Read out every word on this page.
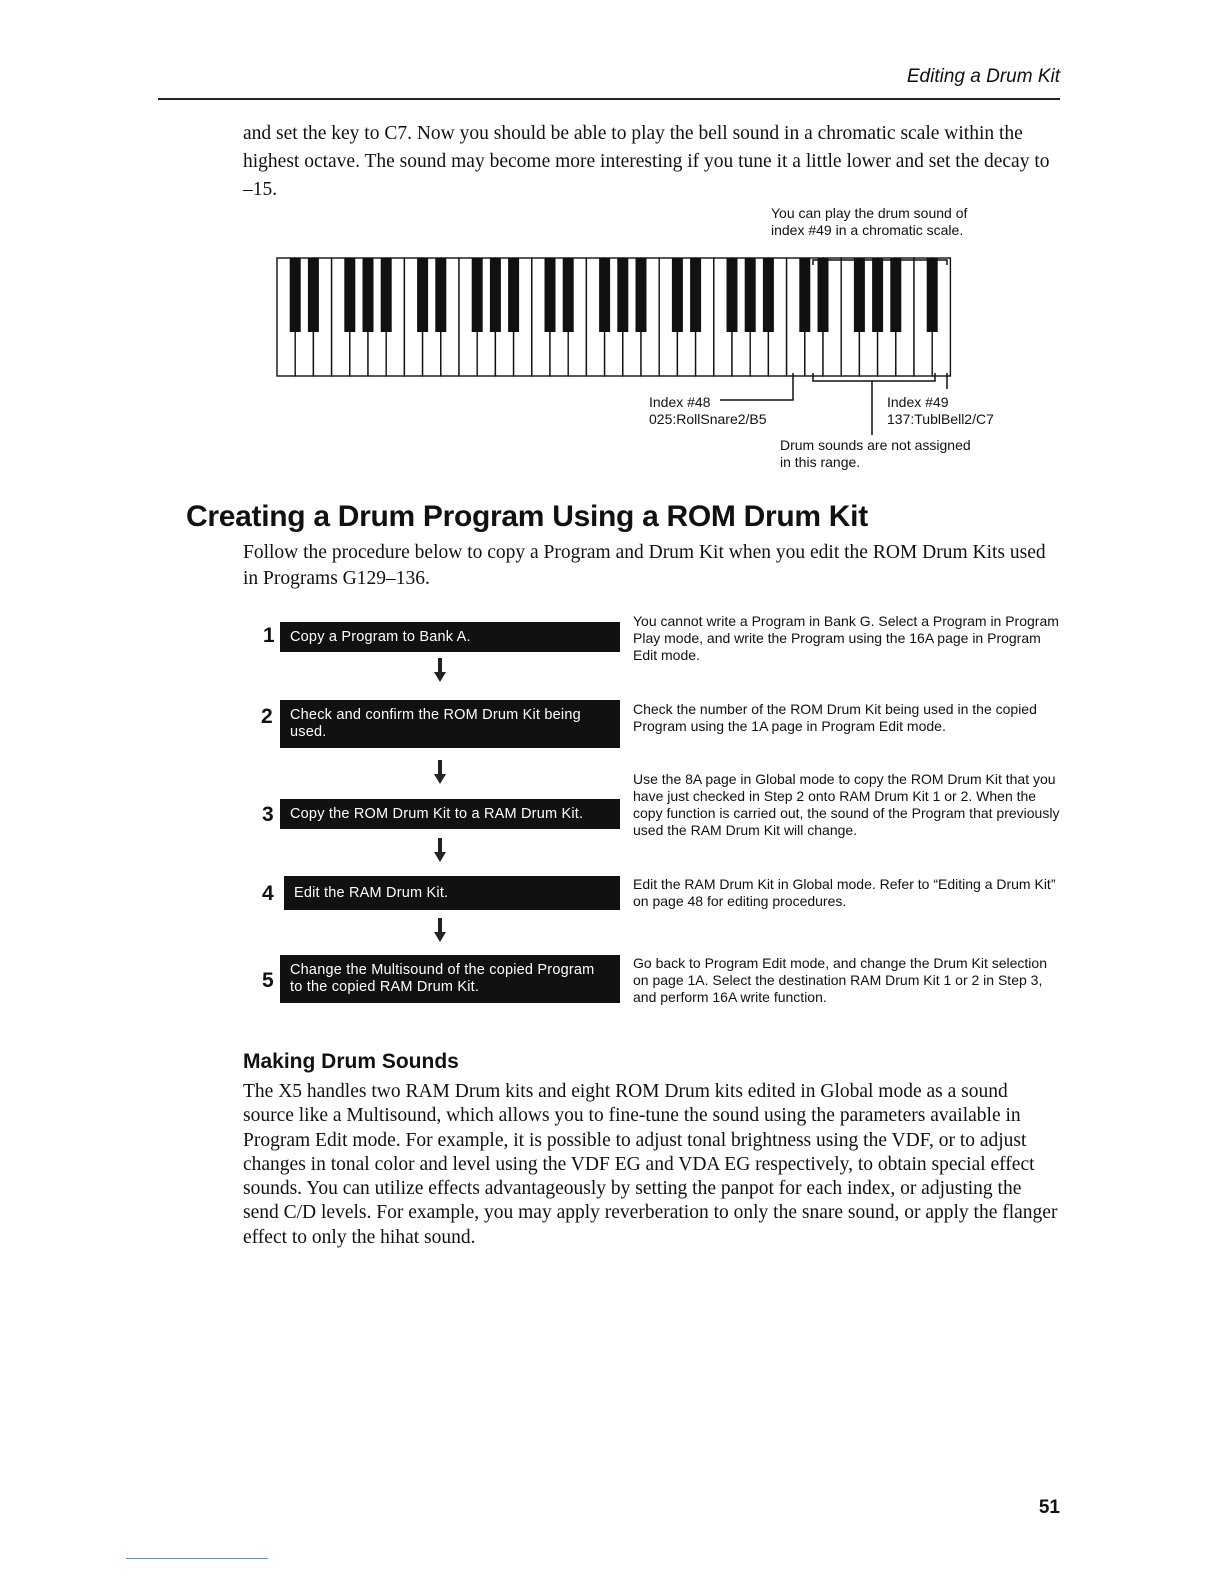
Editing a Drum Kit

and set the key to C7. Now you should be able to play the bell sound in a chromatic scale within the highest octave. The sound may become more interesting if you tune it a little lower and set the decay to –15.

You can play the drum sound of

index #49 in a chromatic scale.

Index #48

025:RollSnare2/B5

Index #49

137:TublBell2/C7

Drum sounds are not assigned

in this range.

Creating a Drum Program Using a ROM Drum Kit

Follow the procedure below to copy a Program and Drum Kit when you edit the ROM Drum Kits used in Programs G129–136.

1	Copy a Program to Bank A.

You cannot write a Program in Bank G. Select a Program in Program Play mode, and write the Program using the 16A page in Program Edit mode.

2	Check and confirm the ROM Drum Kit being used.

Check the number of the ROM Drum Kit being used in the copied Program using the 1A page in Program Edit mode.

3	Copy the ROM Drum Kit to a RAM Drum Kit.

Use the 8A page in Global mode to copy the ROM Drum Kit that you have just checked in Step 2 onto RAM Drum Kit 1 or 2. When the copy function is carried out, the sound of the Program that previously used the RAM Drum Kit will change.

4	Edit the RAM Drum Kit.

Edit the RAM Drum Kit in Global mode. Refer to “Editing a Drum Kit” on page 48 for editing procedures.

5	Change the Multisound of the copied Program to the copied RAM Drum Kit.

Go back to Program Edit mode, and change the Drum Kit selection on page 1A. Select the destination RAM Drum Kit 1 or 2 in Step 3, and perform 16A write function.

Making Drum Sounds

The X5 handles two RAM Drum kits and eight ROM Drum kits edited in Global mode as a sound source like a Multisound, which allows you to fine-tune the sound using the parameters available in Program Edit mode. For example, it is possible to adjust tonal brightness using the VDF, or to adjust changes in tonal color and level using the VDF EG and VDA EG respectively, to obtain special effect sounds. You can utilize effects advantageously by setting the panpot for each index, or adjusting the send C/D levels. For example, you may apply reverberation to only the snare sound, or apply the flanger effect to only the hihat sound.

51
